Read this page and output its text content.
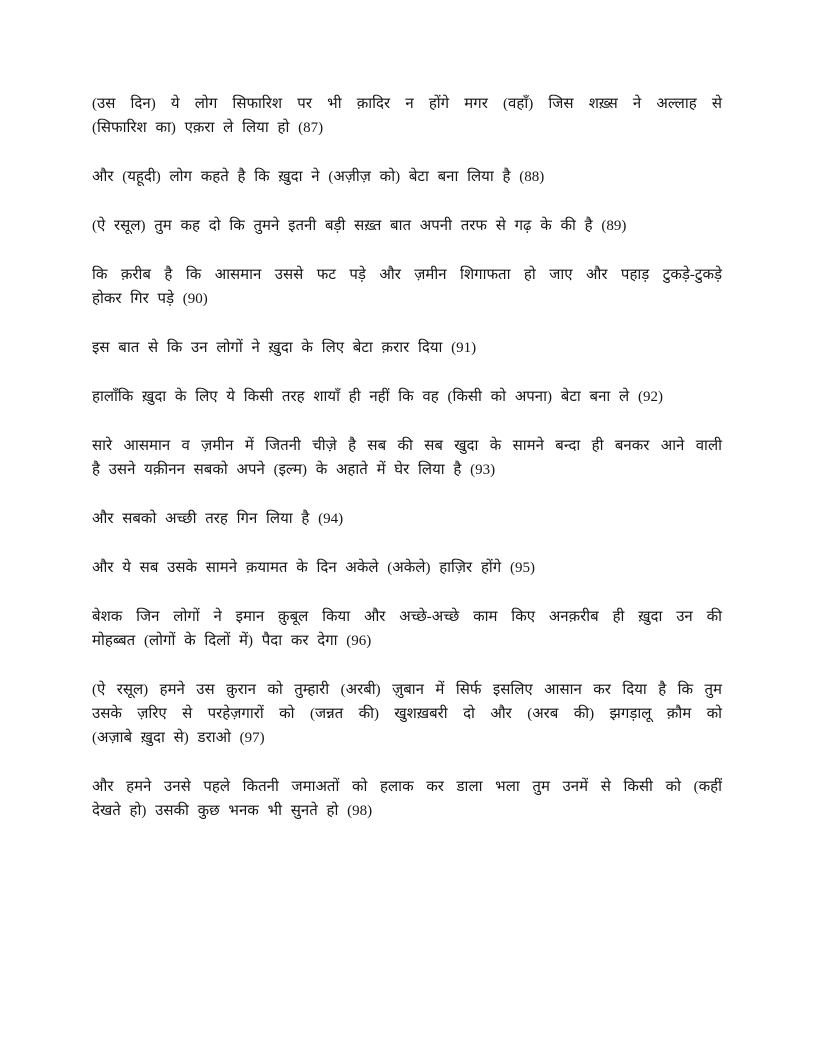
(उस दिन) ये लोग सिफारिश पर भी क़ादिर न होंगे मगर (वहाँ) जिस शख़्स ने अल्लाह से
(सिफारिश का) एक़रा ले लिया हो (87)
और (यहूदी) लोग कहते है कि ख़ुदा ने (अज़ीज़ को) बेटा बना लिया है (88)
(ऐ रसूल) तुम कह दो कि तुमने इतनी बड़ी सख़्त बात अपनी तरफ से गढ़ के की है (89)
कि क़रीब है कि आसमान उससे फट पड़े और ज़मीन शिगाफता हो जाए और पहाड़ टुकड़े-टुकड़े
होकर गिर पड़े (90)
इस बात से कि उन लोगों ने ख़ुदा के लिए बेटा क़रार दिया (91)
हालाँकि ख़ुदा के लिए ये किसी तरह शायाँ ही नहीं कि वह (किसी को अपना) बेटा बना ले (92)
सारे आसमान व ज़मीन में जितनी चीज़े है सब की सब खुदा के सामने बन्दा ही बनकर आने वाली
है उसने यक़ीनन सबको अपने (इल्म) के अहाते में घेर लिया है (93)
और सबको अच्छी तरह गिन लिया है (94)
और ये सब उसके सामने क़यामत के दिन अकेले (अकेले) हाज़िर होंगे (95)
बेशक जिन लोगों ने इमान क़ुबूल किया और अच्छे-अच्छे काम किए अनक़रीब ही ख़ुदा उन की
मोहब्बत (लोगों के दिलों में) पैदा कर देगा (96)
(ऐ रसूल) हमने उस क़ुरान को तुम्हारी (अरबी) ज़ुबान में सिर्फ इसलिए आसान कर दिया है कि तुम
उसके ज़रिए से परहेज़गारों को (जन्नत की) खुशख़बरी दो और (अरब की) झगड़ालू क़ौम को
(अज़ाबे ख़ुदा से) डराओ (97)
और हमने उनसे पहले कितनी जमाअतों को हलाक कर डाला भला तुम उनमें से किसी को (कहीं
देखते हो) उसकी कुछ भनक भी सुनते हो (98)
